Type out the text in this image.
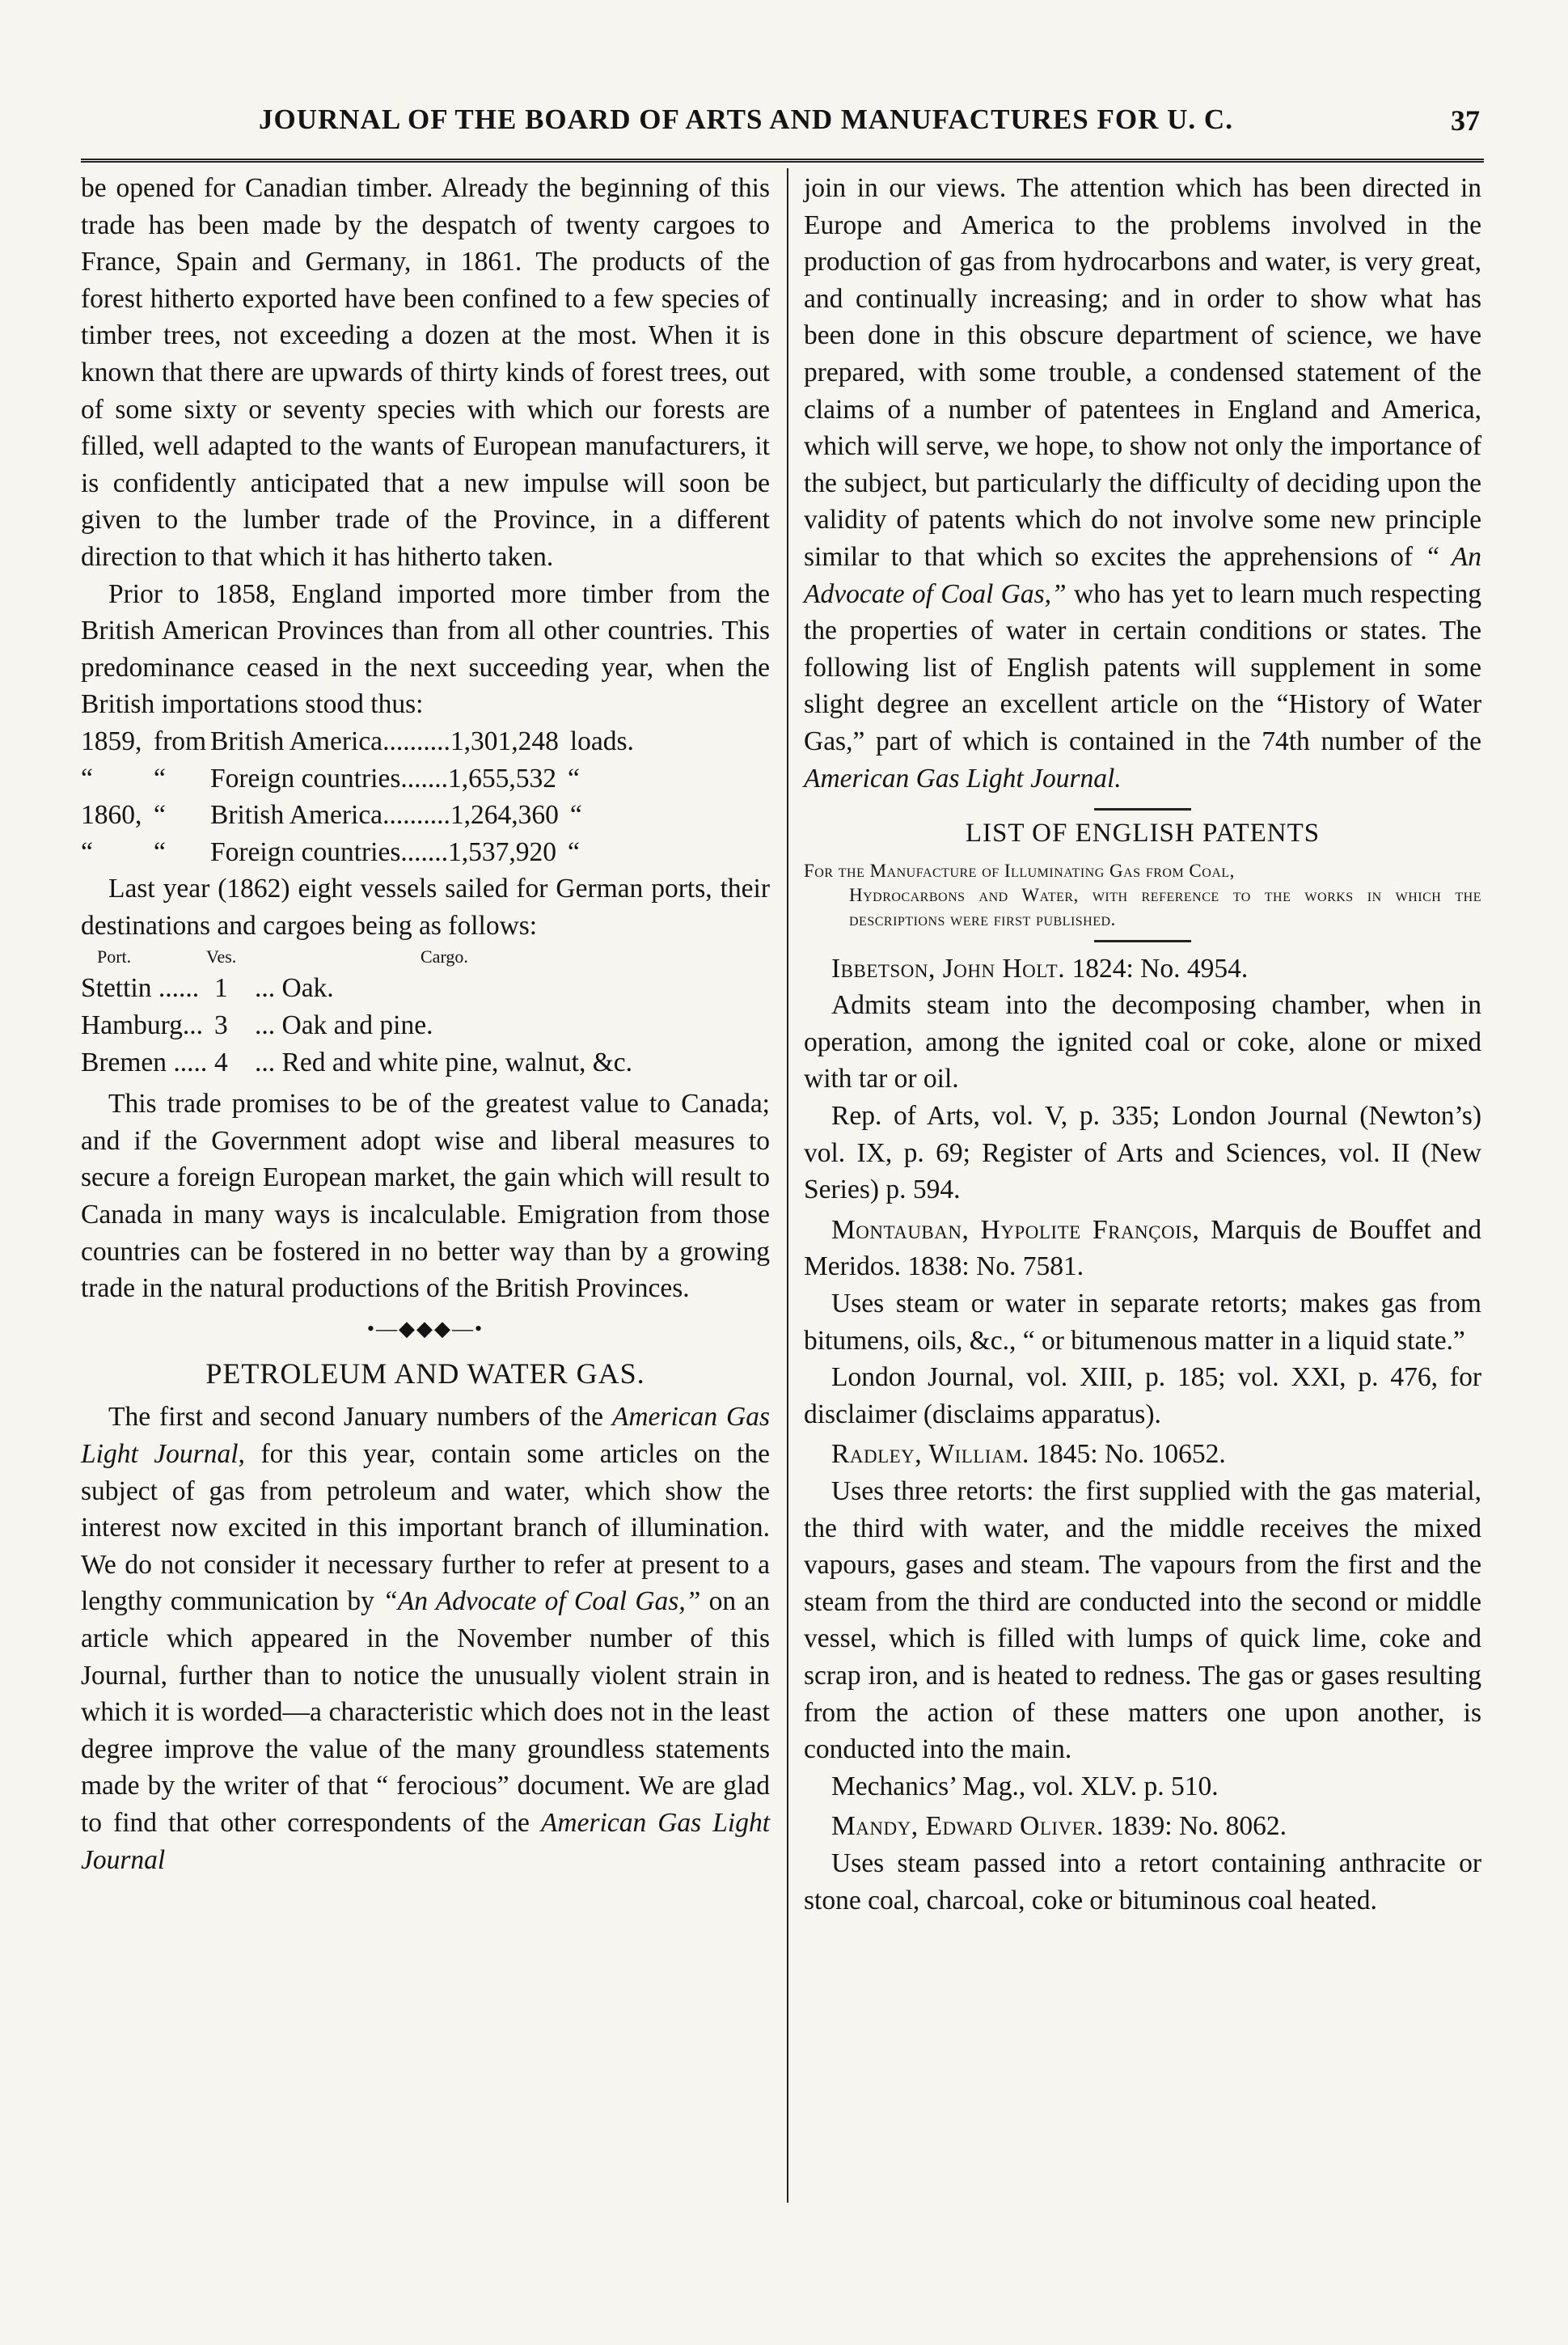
JOURNAL OF THE BOARD OF ARTS AND MANUFACTURES FOR U. C.	37

be opened for Canadian timber. Already the beginning of this trade has been made by the despatch of twenty cargoes to France, Spain and Germany, in 1861. The products of the forest hitherto exported have been confined to a few species of timber trees, not exceeding a dozen at the most. When it is known that there are upwards of thirty kinds of forest trees, out of some sixty or seventy species with which our forests are filled, well adapted to the wants of European manufacturers, it is confidently anticipated that a new impulse will soon be given to the lumber trade of the Province, in a different direction to that which it has hitherto taken.

Prior to 1858, England imported more timber from the British American Provinces than from all other countries. This predominance ceased in the next succeeding year, when the British importations stood thus:

1859, from British America .......... 1,301,248 loads.
“	“	Foreign countries ....... 1,655,532 “
1860, “	British America .......... 1,264,360 “
“	“	Foreign countries ....... 1,537,920 “

Last year (1862) eight vessels sailed for German ports, their destinations and cargoes being as follows:

Port.	Ves.	Cargo.
Stettin ...... 1 ... Oak.
Hamburg... 3 ... Oak and pine.
Bremen ..... 4 ... Red and white pine, walnut, &c.

This trade promises to be of the greatest value to Canada; and if the Government adopt wise and liberal measures to secure a foreign European market, the gain which will result to Canada in many ways is incalculable. Emigration from those countries can be fostered in no better way than by a growing trade in the natural productions of the British Provinces.

•—◆◆◆—•
PETROLEUM AND WATER GAS.

The first and second January numbers of the American Gas Light Journal, for this year, contain some articles on the subject of gas from petroleum and water, which show the interest now excited in this important branch of illumination. We do not consider it necessary further to refer at present to a lengthy communication by “An Advocate of Coal Gas,” on an article which appeared in the November number of this Journal, further than to notice the unusually violent strain in which it is worded—a characteristic which does not in the least degree improve the value of the many groundless statements made by the writer of that “ ferocious” document. We are glad to find that other correspondents of the American Gas Light Journal

join in our views. The attention which has been directed in Europe and America to the problems involved in the production of gas from hydrocarbons and water, is very great, and continually increasing; and in order to show what has been done in this obscure department of science, we have prepared, with some trouble, a condensed statement of the claims of a number of patentees in England and America, which will serve, we hope, to show not only the importance of the subject, but particularly the difficulty of deciding upon the validity of patents which do not involve some new principle similar to that which so excites the apprehensions of “ An Advocate of Coal Gas,” who has yet to learn much respecting the properties of water in certain conditions or states. The following list of English patents will supplement in some slight degree an excellent article on the “History of Water Gas,” part of which is contained in the 74th number of the American Gas Light Journal.

LIST OF ENGLISH PATENTS
For the Manufacture of Illuminating Gas from Coal,
Hydrocarbons and Water, with reference to the works in which the descriptions were first published.

Ibbetson, John Holt. 1824: No. 4954.

Admits steam into the decomposing chamber, when in operation, among the ignited coal or coke, alone or mixed with tar or oil.

Rep. of Arts, vol. V, p. 335; London Journal (Newton’s) vol. IX, p. 69; Register of Arts and Sciences, vol. II (New Series) p. 594.

Montauban, Hypolite François, Marquis de Bouffet and Meridos. 1838: No. 7581.

Uses steam or water in separate retorts; makes gas from bitumens, oils, &c., “ or bitumenous matter in a liquid state.”

London Journal, vol. XIII, p. 185; vol. XXI, p. 476, for disclaimer (disclaims apparatus).

Radley, William. 1845: No. 10652.

Uses three retorts: the first supplied with the gas material, the third with water, and the middle receives the mixed vapours, gases and steam. The vapours from the first and the steam from the third are conducted into the second or middle vessel, which is filled with lumps of quick lime, coke and scrap iron, and is heated to redness. The gas or gases resulting from the action of these matters one upon another, is conducted into the main.

Mechanics’ Mag., vol. XLV. p. 510.

Mandy, Edward Oliver. 1839: No. 8062.

Uses steam passed into a retort containing anthracite or stone coal, charcoal, coke or bituminous coal heated.
